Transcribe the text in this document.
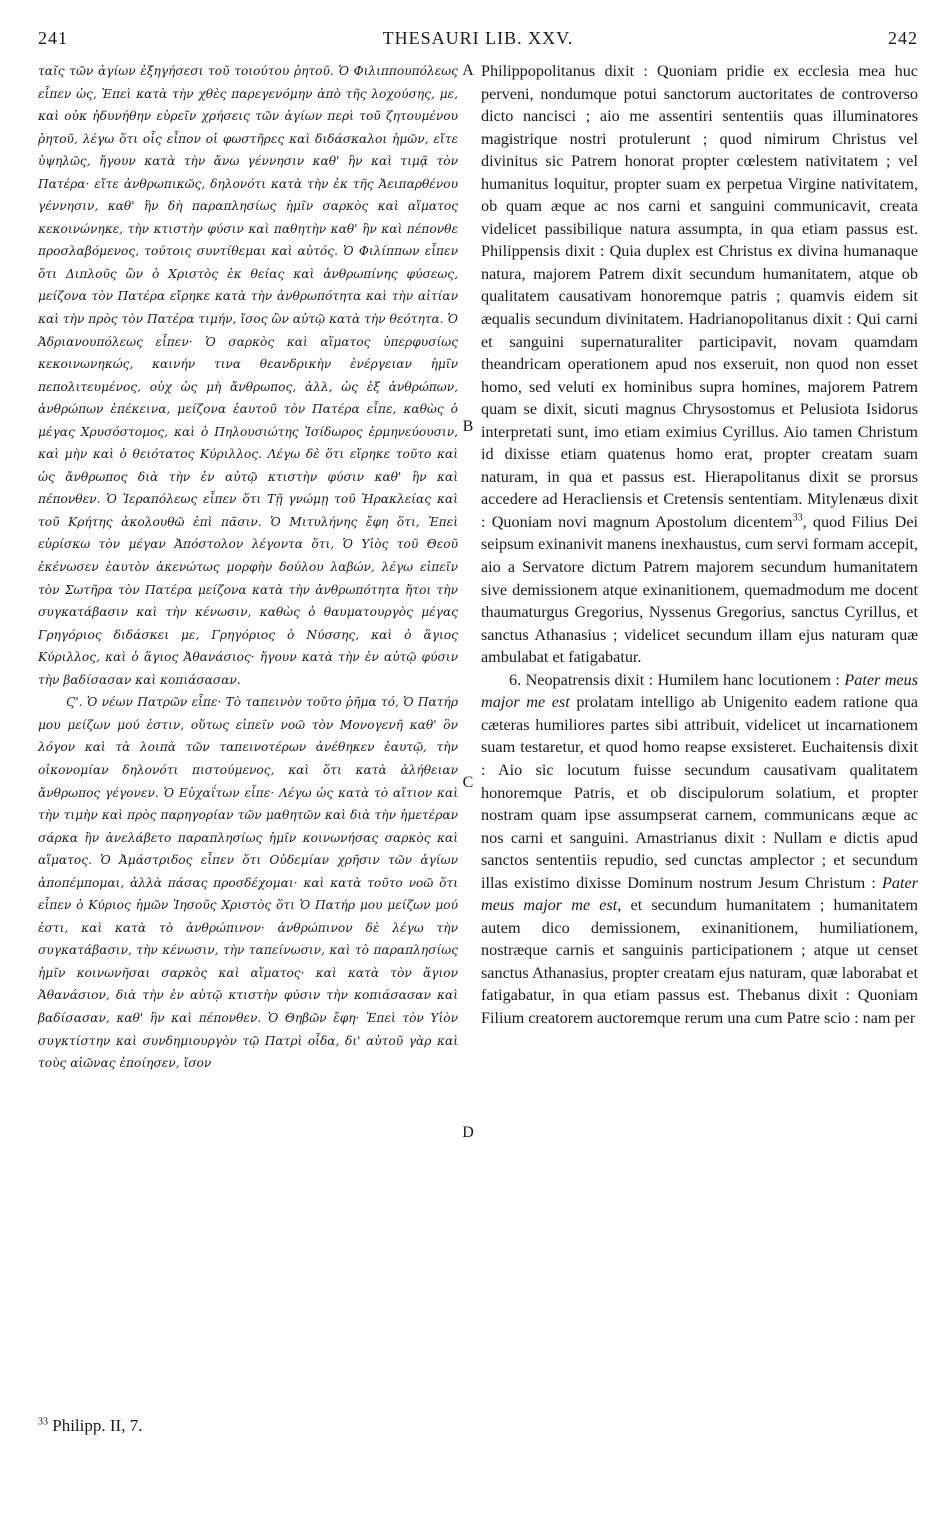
241	THESAURI LIB. XXV.	242

ταῖς τῶν ἁγίων ἐξηγήσεσι τοῦ τοιούτου ῥητοῦ. Ὁ Φιλιππουπόλεως εἶπεν ὡς, Ἐπεὶ κατὰ τὴν χθὲς παρεγενόμην ἀπὸ τῆς λοχούσης, με, καὶ οὐκ ἠδυνήθην εὑρεῖν χρήσεις τῶν ἁγίων περὶ τοῦ ζητουμένου ῥητοῦ, λέγω ὅτι οἷς εἶπον οἱ φωστῆρες καὶ διδάσκαλοι ἡμῶν, εἴτε ὑψηλῶς, ἤγουν κατὰ τὴν ἄνω γέννησιν καθ' ἣν καὶ τιμᾷ τὸν Πατέρα· εἴτε ἀνθρωπικῶς, δηλονότι κατὰ τὴν ἐκ τῆς Ἀειπαρθένου γέννησιν, καθ' ἣν δὴ παραπλησίως ἡμῖν σαρκὸς καὶ αἵματος κεκοινώνηκε, τὴν κτιστὴν φύσιν καὶ παθητὴν καθ' ἣν καὶ πέπονθε προσλαβόμενος, τούτοις συντίθεμαι καὶ αὐτός. Ὁ Φιλίππων εἶπεν ὅτι Διπλοῦς ὢν ὁ Χριστὸς ἐκ θείας καὶ ἀνθρωπίνης φύσεως, μείζονα τὸν Πατέρα εἴρηκε κατὰ τὴν ἀνθρωπότητα καὶ τὴν αἰτίαν καὶ τὴν πρὸς τὸν Πατέρα τιμήν, ἴσος ὢν αὐτῷ κατὰ τὴν θεότητα. Ὁ Ἀδριανουπόλεως εἶπεν· Ὁ σαρκὸς καὶ αἵματος ὑπερφυσίως κεκοινωνηκώς, καινήν τινα θεανδρικὴν ἐνέργειαν ἡμῖν πεπολιτευμένος, οὐχ ὡς μὴ ἄνθρωπος, ἀλλ, ὡς ἐξ ἀνθρώπων, ἀνθρώπων ἐπέκεινα, μείζονα ἑαυτοῦ τὸν Πατέρα εἶπε, καθὼς ὁ μέγας Χρυσόστομος, καὶ ὁ Πηλουσιώτης Ἰσίδωρος ἑρμηνεύουσιν, καὶ μὴν καὶ ὁ θειότατος Κύριλλος. Λέγω δὲ ὅτι εἴρηκε τοῦτο καὶ ὡς ἄνθρωπος διὰ τὴν ἐν αὐτῷ κτιστὴν φύσιν καθ' ἣν καὶ πέπονθεν. Ὁ Ἱεραπόλεως εἶπεν ὅτι Τῇ γνώμῃ τοῦ Ἡρακλείας καὶ τοῦ Κρήτης ἀκολουθῶ ἐπὶ πᾶσιν. Ὁ Μιτυλήνης ἔφη ὅτι, Ἐπεὶ εὑρίσκω τὸν μέγαν Ἀπόστολον λέγοντα ὅτι, Ὁ Υἱὸς τοῦ Θεοῦ ἐκένωσεν ἑαυτὸν ἀκενώτως μορφὴν δούλου λαβών, λέγω εἰπεῖν τὸν Σωτῆρα τὸν Πατέρα μείζονα κατὰ τὴν ἀνθρωπότητα ἤτοι τὴν συγκατάβασιν καὶ τὴν κένωσιν, καθὼς ὁ θαυματουργὸς μέγας Γρηγόριος διδάσκει με, Γρηγόριος ὁ Νύσσης, καὶ ὁ ἅγιος Κύριλλος, καὶ ὁ ἅγιος Ἀθανάσιος· ἤγουν κατὰ τὴν ἐν αὐτῷ φύσιν τὴν βαδίσασαν καὶ κοπιάσασαν.

Ϛ'. Ὁ νέων Πατρῶν εἶπε· Τὸ ταπεινὸν τοῦτο ῥῆμα τό, Ὁ Πατήρ μου μείζων μού ἐστιν, οὕτως εἰπεῖν νοῶ τὸν Μονογενῆ καθ' ὃν λόγον καὶ τὰ λοιπὰ τῶν ταπεινοτέρων ἀνέθηκεν ἑαυτῷ, τὴν οἰκονομίαν δηλονότι πιστούμενος, καὶ ὅτι κατὰ ἀλήθειαν ἄνθρωπος γέγονεν. Ὁ Εὐχαΐτων εἶπε· Λέγω ὡς κατὰ τὸ αἴτιον καὶ τὴν τιμὴν καὶ πρὸς παρηγορίαν τῶν μαθητῶν καὶ διὰ τὴν ἡμετέραν σάρκα ἣν ἀνελάβετο παραπλησίως ἡμῖν κοινωνήσας σαρκὸς καὶ αἵματος. Ὁ Ἀμάστριδος εἶπεν ὅτι Οὐδεμίαν χρῆσιν τῶν ἁγίων ἀποπέμπομαι, ἀλλὰ πάσας προσδέχομαι· καὶ κατὰ τοῦτο νοῶ ὅτι εἶπεν ὁ Κύριος ἡμῶν Ἰησοῦς Χριστὸς ὅτι Ὁ Πατήρ μου μείζων μού ἐστι, καὶ κατὰ τὸ ἀνθρώπινον· ἀνθρώπινον δὲ λέγω τὴν συγκατάβασιν, τὴν κένωσιν, τὴν ταπείνωσιν, καὶ τὸ παραπλησίως ἡμῖν κοινωνῆσαι σαρκὸς καὶ αἵματος· καὶ κατὰ τὸν ἅγιον Ἀθανάσιον, διὰ τὴν ἐν αὐτῷ κτιστὴν φύσιν τὴν κοπιάσασαν καὶ βαδίσασαν, καθ' ἣν καὶ πέπονθεν. Ὁ Θηβῶν ἔφη· Ἐπεὶ τὸν Υἱὸν συγκτίστην καὶ συνδημιουργὸν τῷ Πατρὶ οἶδα, δι' αὐτοῦ γὰρ καὶ τοὺς αἰῶνας ἐποίησεν, ἴσον

A
B
C
D

Philippopolitanus dixit : Quoniam pridie ex ecclesia mea huc perveni, nondumque potui sanctorum auctoritates de controverso dicto nancisci ; aio me assentiri sententiis quas illuminatores magistrique nostri protulerunt ; quod nimirum Christus vel divinitus sic Patrem honorat propter cœlestem nativitatem ; vel humanitus loquitur, propter suam ex perpetua Virgine nativitatem, ob quam æque ac nos carni et sanguini communicavit, creata videlicet passibilique natura assumpta, in qua etiam passus est. Philippensis dixit : Quia duplex est Christus ex divina humanaque natura, majorem Patrem dixit secundum humanitatem, atque ob qualitatem causativam honoremque patris ; quamvis eidem sit æqualis secundum divinitatem. Hadrianopolitanus dixit : Qui carni et sanguini supernaturaliter participavit, novam quamdam theandricam operationem apud nos exseruit, non quod non esset homo, sed veluti ex hominibus supra homines, majorem Patrem quam se dixit, sicuti magnus Chrysostomus et Pelusiota Isidorus interpretati sunt, imo etiam eximius Cyrillus. Aio tamen Christum id dixisse etiam quatenus homo erat, propter creatam suam naturam, in qua et passus est. Hierapolitanus dixit se prorsus accedere ad Heracliensis et Cretensis sententiam. Mitylenæus dixit : Quoniam novi magnum Apostolum dicentem$^{33}$, quod Filius Dei seipsum exinanivit manens inexhaustus, cum servi formam accepit, aio a Servatore dictum Patrem majorem secundum humanitatem sive demissionem atque exinanitionem, quemadmodum me docent thaumaturgus Gregorius, Nyssenus Gregorius, sanctus Cyrillus, et sanctus Athanasius ; videlicet secundum illam ejus naturam quæ ambulabat et fatigabatur.

6. Neopatrensis dixit : Humilem hanc locutionem : Pater meus major me est prolatam intelligo ab Unigenito eadem ratione qua cæteras humiliores partes sibi attribuit, videlicet ut incarnationem suam testaretur, et quod homo reapse exsisteret. Euchaitensis dixit : Aio sic locutum fuisse secundum causativam qualitatem honoremque Patris, et ob discipulorum solatium, et propter nostram quam ipse assumpserat carnem, communicans æque ac nos carni et sanguini. Amastrianus dixit : Nullam e dictis apud sanctos sententiis repudio, sed cunctas amplector ; et secundum illas existimo dixisse Dominum nostrum Jesum Christum : Pater meus major me est, et secundum humanitatem ; humanitatem autem dico demissionem, exinanitionem, humiliationem, nostræque carnis et sanguinis participationem ; atque ut censet sanctus Athanasius, propter creatam ejus naturam, quæ laborabat et fatigabatur, in qua etiam passus est. Thebanus dixit : Quoniam Filium creatorem auctoremque rerum una cum Patre scio : nam per

$^{33}$ Philipp. II, 7.
